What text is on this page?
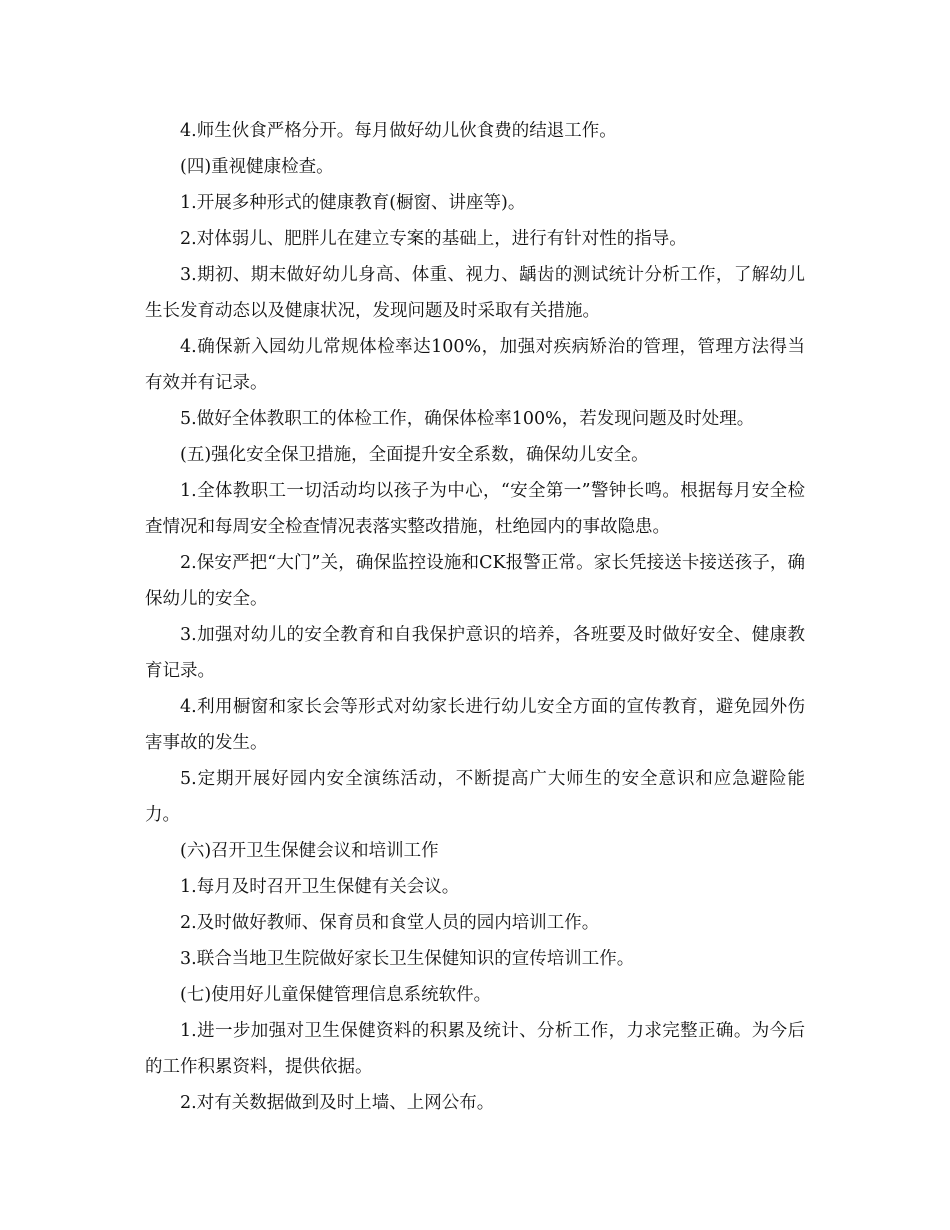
4.师生伙食严格分开。每月做好幼儿伙食费的结退工作。

(四)重视健康检查。

1.开展多种形式的健康教育(橱窗、讲座等)。

2.对体弱儿、肥胖儿在建立专案的基础上，进行有针对性的指导。

3.期初、期末做好幼儿身高、体重、视力、龋齿的测试统计分析工作，了解幼儿生长发育动态以及健康状况，发现问题及时采取有关措施。

4.确保新入园幼儿常规体检率达100%，加强对疾病矫治的管理，管理方法得当有效并有记录。

5.做好全体教职工的体检工作，确保体检率100%，若发现问题及时处理。

(五)强化安全保卫措施，全面提升安全系数，确保幼儿安全。

1.全体教职工一切活动均以孩子为中心，“安全第一”警钟长鸣。根据每月安全检查情况和每周安全检查情况表落实整改措施，杜绝园内的事故隐患。

2.保安严把“大门”关，确保监控设施和CK报警正常。家长凭接送卡接送孩子，确保幼儿的安全。

3.加强对幼儿的安全教育和自我保护意识的培养，各班要及时做好安全、健康教育记录。

4.利用橱窗和家长会等形式对幼家长进行幼儿安全方面的宣传教育，避免园外伤害事故的发生。

5.定期开展好园内安全演练活动，不断提高广大师生的安全意识和应急避险能力。

(六)召开卫生保健会议和培训工作

1.每月及时召开卫生保健有关会议。

2.及时做好教师、保育员和食堂人员的园内培训工作。

3.联合当地卫生院做好家长卫生保健知识的宣传培训工作。

(七)使用好儿童保健管理信息系统软件。

1.进一步加强对卫生保健资料的积累及统计、分析工作，力求完整正确。为今后的工作积累资料，提供依据。

2.对有关数据做到及时上墙、上网公布。
